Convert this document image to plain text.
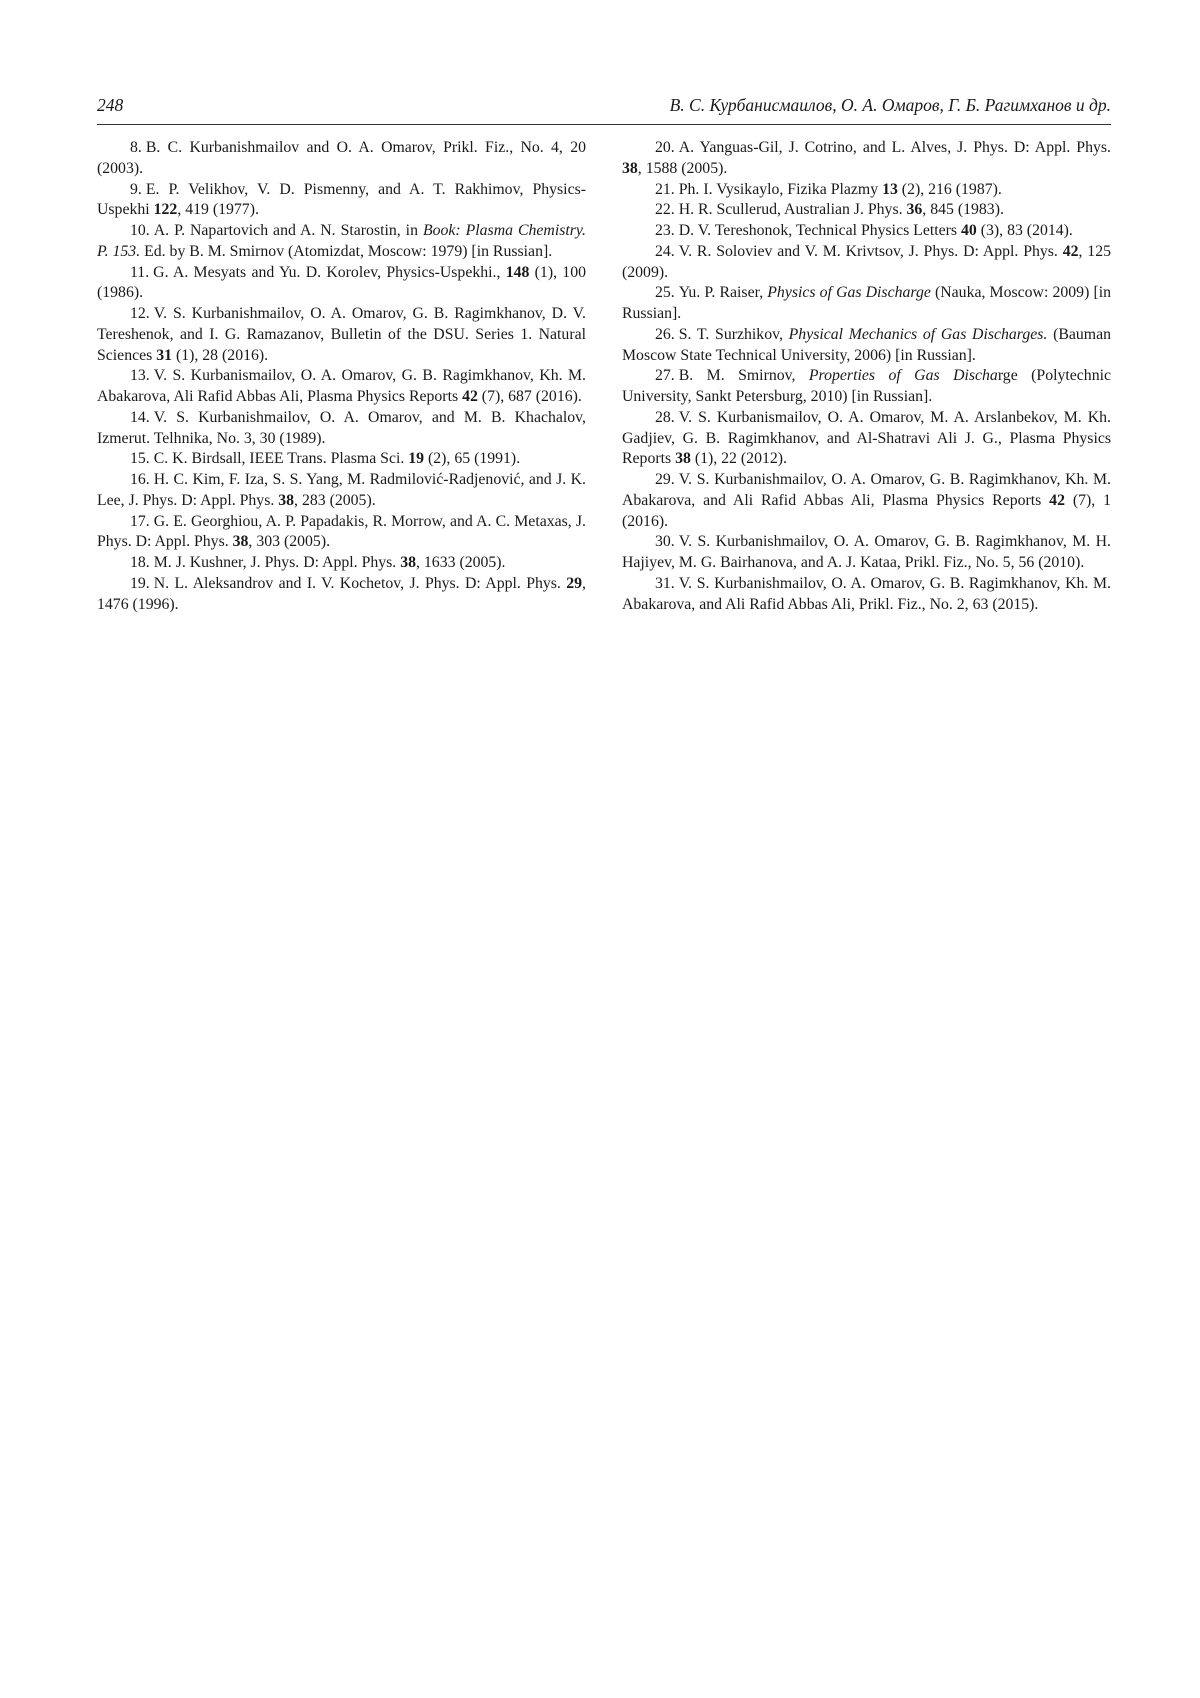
248	В. С. Курбанисмаилов, О. А. Омаров, Г. Б. Рагимханов и др.

8. B. C. Kurbanishmailov and O. A. Omarov, Prikl. Fiz., No. 4, 20 (2003).

9. E. P. Velikhov, V. D. Pismenny, and A. T. Rakhimov, Physics-Uspekhi 122, 419 (1977).

10. A. P. Napartovich and A. N. Starostin, in Book: Plasma Chemistry. P. 153. Ed. by B. M. Smirnov (Atomizdat, Moscow: 1979) [in Russian].

11. G. A. Mesyats and Yu. D. Korolev, Physics-Uspekhi., 148 (1), 100 (1986).

12. V. S. Kurbanishmailov, O. A. Omarov, G. B. Ragimkhanov, D. V. Tereshenok, and I. G. Ramazanov, Bulletin of the DSU. Series 1. Natural Sciences 31 (1), 28 (2016).

13. V. S. Kurbanismailov, O. A. Omarov, G. B. Ragimkhanov, Kh. M. Abakarova, Ali Rafid Abbas Ali, Plasma Physics Reports 42 (7), 687 (2016).

14. V. S. Kurbanishmailov, O. A. Omarov, and M. B. Khachalov, Izmerut. Telhnika, No. 3, 30 (1989).

15. C. K. Birdsall, IEEE Trans. Plasma Sci. 19 (2), 65 (1991).

16. H. C. Kim, F. Iza, S. S. Yang, M. Radmilović-Radjenović, and J. K. Lee, J. Phys. D: Appl. Phys. 38, 283 (2005).

17. G. E. Georghiou, A. P. Papadakis, R. Morrow, and A. C. Metaxas, J. Phys. D: Appl. Phys. 38, 303 (2005).

18. M. J. Kushner, J. Phys. D: Appl. Phys. 38, 1633 (2005).

19. N. L. Aleksandrov and I. V. Kochetov, J. Phys. D: Appl. Phys. 29, 1476 (1996).

20. A. Yanguas-Gil, J. Cotrino, and L. Alves, J. Phys. D: Appl. Phys. 38, 1588 (2005).

21. Ph. I. Vysikaylo, Fizika Plazmy 13 (2), 216 (1987).

22. H. R. Scullerud, Australian J. Phys. 36, 845 (1983).

23. D. V. Tereshonok, Technical Physics Letters 40 (3), 83 (2014).

24. V. R. Soloviev and V. M. Krivtsov, J. Phys. D: Appl. Phys. 42, 125 (2009).

25. Yu. P. Raiser, Physics of Gas Discharge (Nauka, Moscow: 2009) [in Russian].

26. S. T. Surzhikov, Physical Mechanics of Gas Discharges. (Bauman Moscow State Technical University, 2006) [in Russian].

27. B. M. Smirnov, Properties of Gas Discharge (Polytechnic University, Sankt Petersburg, 2010) [in Russian].

28. V. S. Kurbanismailov, O. A. Omarov, M. A. Arslanbekov, M. Kh. Gadjiev, G. B. Ragimkhanov, and Al-Shatravi Ali J. G., Plasma Physics Reports 38 (1), 22 (2012).

29. V. S. Kurbanishmailov, O. A. Omarov, G. B. Ragimkhanov, Kh. M. Abakarova, and Ali Rafid Abbas Ali, Plasma Physics Reports 42 (7), 1 (2016).

30. V. S. Kurbanishmailov, O. A. Omarov, G. B. Ragimkhanov, M. H. Hajiyev, M. G. Bairhanova, and A. J. Kataa, Prikl. Fiz., No. 5, 56 (2010).

31. V. S. Kurbanishmailov, O. A. Omarov, G. B. Ragimkhanov, Kh. M. Abakarova, and Ali Rafid Abbas Ali, Prikl. Fiz., No. 2, 63 (2015).
